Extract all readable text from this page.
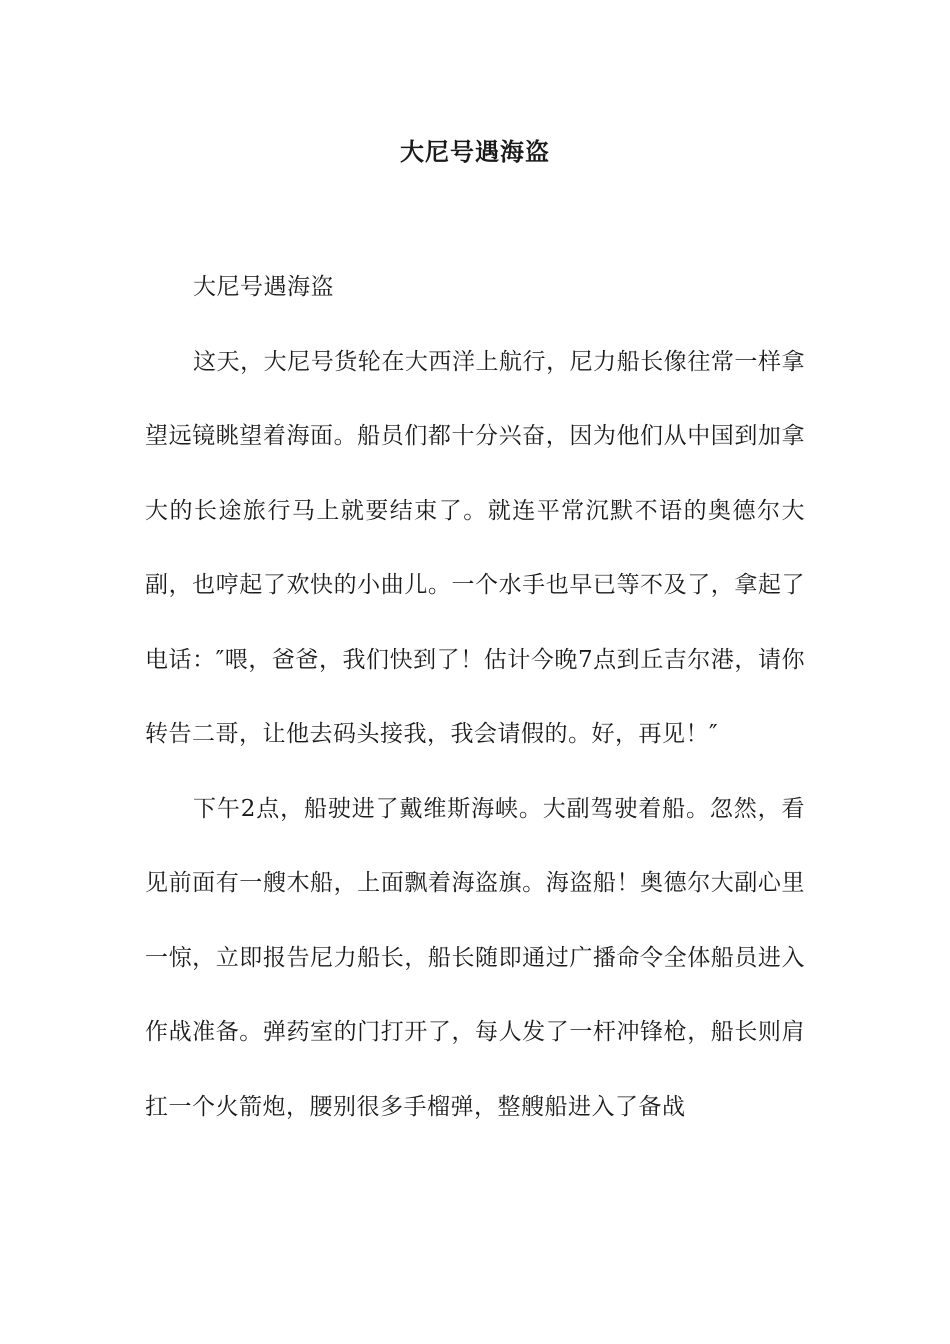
大尼号遇海盗

大尼号遇海盗

这天，大尼号货轮在大西洋上航行，尼力船长像往常一样拿望远镜眺望着海面。船员们都十分兴奋，因为他们从中国到加拿大的长途旅行马上就要结束了。就连平常沉默不语的奥德尔大副，也哼起了欢快的小曲儿。一个水手也早已等不及了，拿起了电话：″喂，爸爸，我们快到了！估计今晚7点到丘吉尔港，请你转告二哥，让他去码头接我，我会请假的。好，再见！″

下午2点，船驶进了戴维斯海峡。大副驾驶着船。忽然，看见前面有一艘木船，上面飘着海盗旗。海盗船！奥德尔大副心里一惊，立即报告尼力船长，船长随即通过广播命令全体船员进入作战准备。弹药室的门打开了，每人发了一杆冲锋枪，船长则肩扛一个火箭炮，腰别很多手榴弹，整艘船进入了备战
